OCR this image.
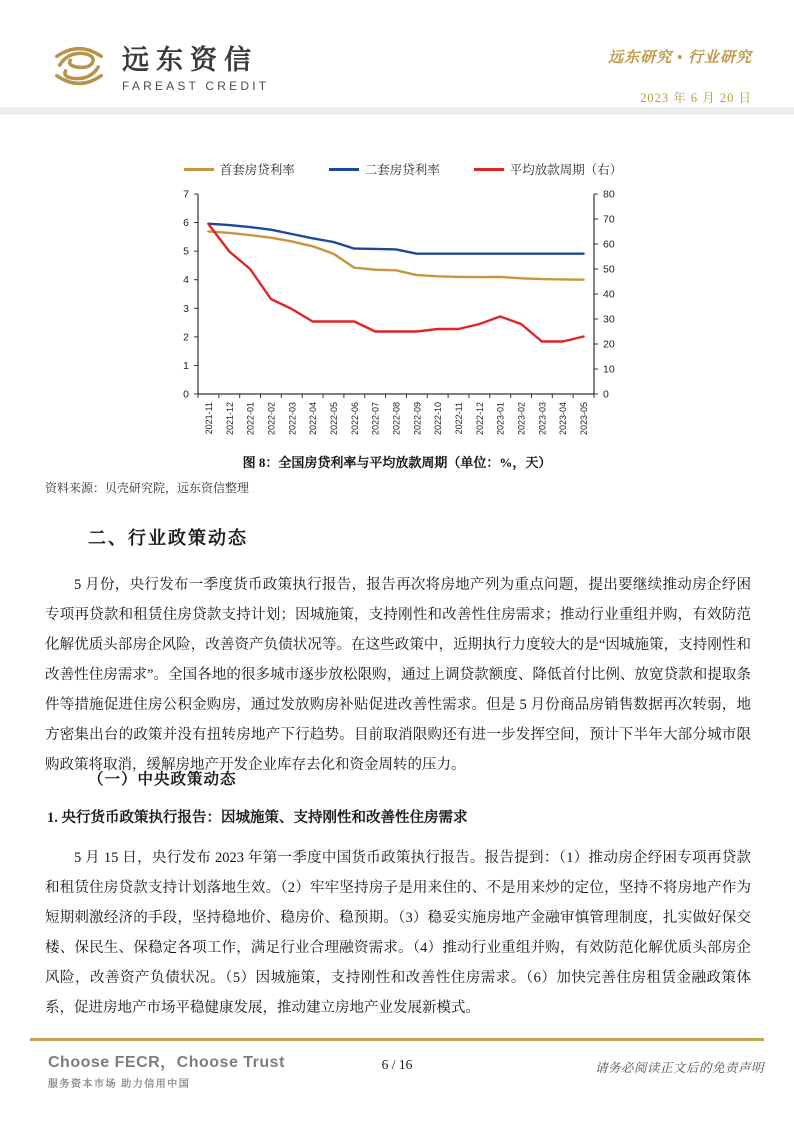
远东资信
FAREAST CREDIT
远东研究 • 行业研究
2023 年 6 月 20 日
首套房贷利率	二套房贷利率	平均放款周期（右）
0
1
2
3
4
5
6
7
0
10
20
30
40
50
60
70
80
2021-11 2021-12 2022-01 2022-02 2022-03 2022-04 2022-05 2022-06 2022-07 2022-08 2022-09 2022-10 2022-11 2022-12 2023-01 2023-02 2023-03 2023-04 2023-05
图 8：全国房贷利率与平均放款周期（单位：%，天）
资料来源：贝壳研究院，远东资信整理
二、行业政策动态
5 月份，央行发布一季度货币政策执行报告，报告再次将房地产列为重点问题，提出要继续推动房企纾困专项再贷款和租赁住房贷款支持计划；因城施策，支持刚性和改善性住房需求；推动行业重组并购，有效防范化解优质头部房企风险，改善资产负债状况等。在这些政策中，近期执行力度较大的是“因城施策，支持刚性和改善性住房需求”。全国各地的很多城市逐步放松限购，通过上调贷款额度、降低首付比例、放宽贷款和提取条件等措施促进住房公积金购房，通过发放购房补贴促进改善性需求。但是 5 月份商品房销售数据再次转弱，地方密集出台的政策并没有扭转房地产下行趋势。目前取消限购还有进一步发挥空间，预计下半年大部分城市限购政策将取消，缓解房地产开发企业库存去化和资金周转的压力。
（一）中央政策动态
1. 央行货币政策执行报告：因城施策、支持刚性和改善性住房需求
5 月 15 日，央行发布 2023 年第一季度中国货币政策执行报告。报告提到：（1）推动房企纾困专项再贷款和租赁住房贷款支持计划落地生效。（2）牢牢坚持房子是用来住的、不是用来炒的定位，坚持不将房地产作为短期刺激经济的手段，坚持稳地价、稳房价、稳预期。（3）稳妥实施房地产金融审慎管理制度，扎实做好保交楼、保民生、保稳定各项工作，满足行业合理融资需求。（4）推动行业重组并购，有效防范化解优质头部房企风险，改善资产负债状况。（5）因城施策，支持刚性和改善性住房需求。（6）加快完善住房租赁金融政策体系，促进房地产市场平稳健康发展，推动建立房地产业发展新模式。
Choose FECR，Choose Trust
服务资本市场 助力信用中国
6 / 16	请务必阅读正文后的免责声明
